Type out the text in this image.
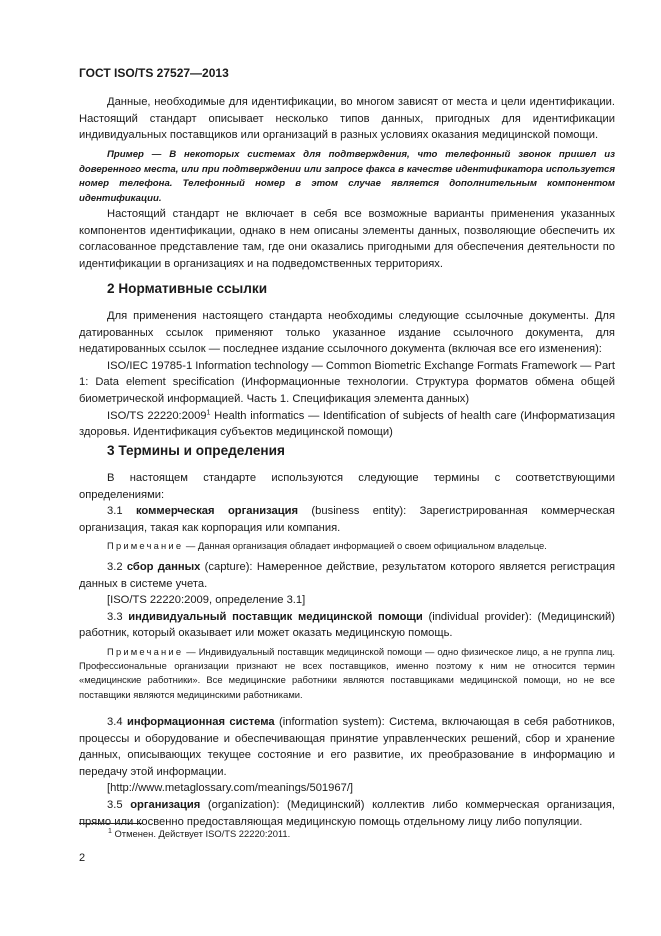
ГОСТ ISO/TS 27527—2013

Данные, необходимые для идентификации, во многом зависят от места и цели идентификации. Настоящий стандарт описывает несколько типов данных, пригодных для идентификации индивидуальных поставщиков или организаций в разных условиях оказания медицинской помощи.

Пример — В некоторых системах для подтверждения, что телефонный звонок пришел из доверенного места, или при подтверждении или запросе факса в качестве идентификатора используется номер телефона. Телефонный номер в этом случае является дополнительным компонентом идентификации.

Настоящий стандарт не включает в себя все возможные варианты применения указанных компонентов идентификации, однако в нем описаны элементы данных, позволяющие обеспечить их согласованное представление там, где они оказались пригодными для обеспечения деятельности по идентификации в организациях и на подведомственных территориях.

2 Нормативные ссылки

Для применения настоящего стандарта необходимы следующие ссылочные документы. Для датированных ссылок применяют только указанное издание ссылочного документа, для недатированных ссылок — последнее издание ссылочного документа (включая все его изменения):

ISO/IEC 19785-1 Information technology — Common Biometric Exchange Formats Framework — Part 1: Data element specification (Информационные технологии. Структура форматов обмена общей биометрической информацией. Часть 1. Спецификация элемента данных)

ISO/TS 22220:2009$^1$ Health informatics — Identification of subjects of health care (Информатизация здоровья. Идентификация субъектов медицинской помощи)

3 Термины и определения

В настоящем стандарте используются следующие термины с соответствующими определениями:

3.1 коммерческая организация (business entity): Зарегистрированная коммерческая организация, такая как корпорация или компания.

Примечание — Данная организация обладает информацией о своем официальном владельце.

3.2 сбор данных (capture): Намеренное действие, результатом которого является регистрация данных в системе учета.

[ISO/TS 22220:2009, определение 3.1]

3.3 индивидуальный поставщик медицинской помощи (individual provider): (Медицинский) работник, который оказывает или может оказать медицинскую помощь.

Примечание — Индивидуальный поставщик медицинской помощи — одно физическое лицо, а не группа лиц. Профессиональные организации признают не всех поставщиков, именно поэтому к ним не относится термин «медицинские работники». Все медицинские работники являются поставщиками медицинской помощи, но не все поставщики являются медицинскими работниками.

3.4 информационная система (information system): Система, включающая в себя работников, процессы и оборудование и обеспечивающая принятие управленческих решений, сбор и хранение данных, описывающих текущее состояние и его развитие, их преобразование в информацию и передачу этой информации.

[http://www.metaglossary.com/meanings/501967/]

3.5 организация (organization): (Медицинский) коллектив либо коммерческая организация, прямо или косвенно предоставляющая медицинскую помощь отдельному лицу либо популяции.

$^1$ Отменен. Действует ISO/TS 22220:2011.
2
